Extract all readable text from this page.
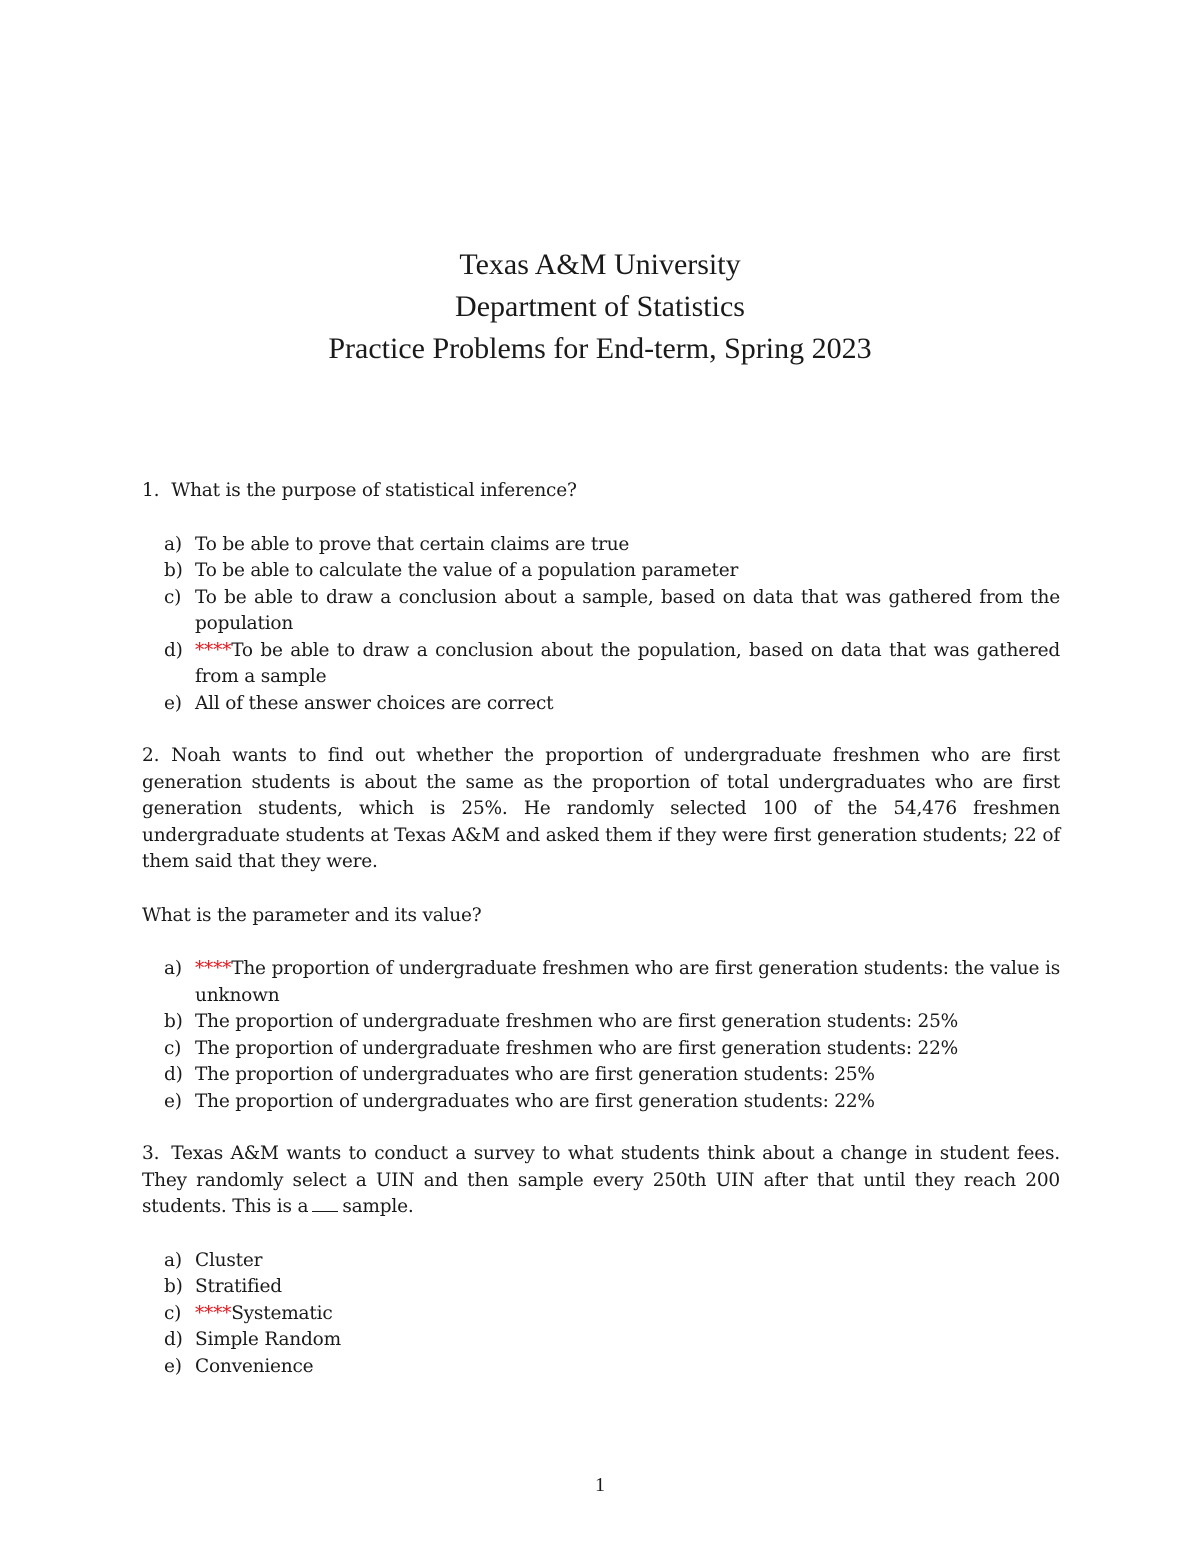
Texas A&M University
Department of Statistics
Practice Problems for End-term, Spring 2023

1. What is the purpose of statistical inference?

a) To be able to prove that certain claims are true
b) To be able to calculate the value of a population parameter
c) To be able to draw a conclusion about a sample, based on data that was gathered from the population
d) ****To be able to draw a conclusion about the population, based on data that was gathered from a sample
e) All of these answer choices are correct

2. Noah wants to find out whether the proportion of undergraduate freshmen who are first generation students is about the same as the proportion of total undergraduates who are first generation students, which is 25%. He randomly selected 100 of the 54,476 freshmen undergraduate students at Texas A&M and asked them if they were first generation students; 22 of them said that they were.

What is the parameter and its value?

a) ****The proportion of undergraduate freshmen who are first generation students: the value is unknown
b) The proportion of undergraduate freshmen who are first generation students: 25%
c) The proportion of undergraduate freshmen who are first generation students: 22%
d) The proportion of undergraduates who are first generation students: 25%
e) The proportion of undergraduates who are first generation students: 22%

3. Texas A&M wants to conduct a survey to what students think about a change in student fees. They randomly select a UIN and then sample every 250th UIN after that until they reach 200 students. This is a sample.

a) Cluster
b) Stratified
c) ****Systematic
d) Simple Random
e) Convenience
1
